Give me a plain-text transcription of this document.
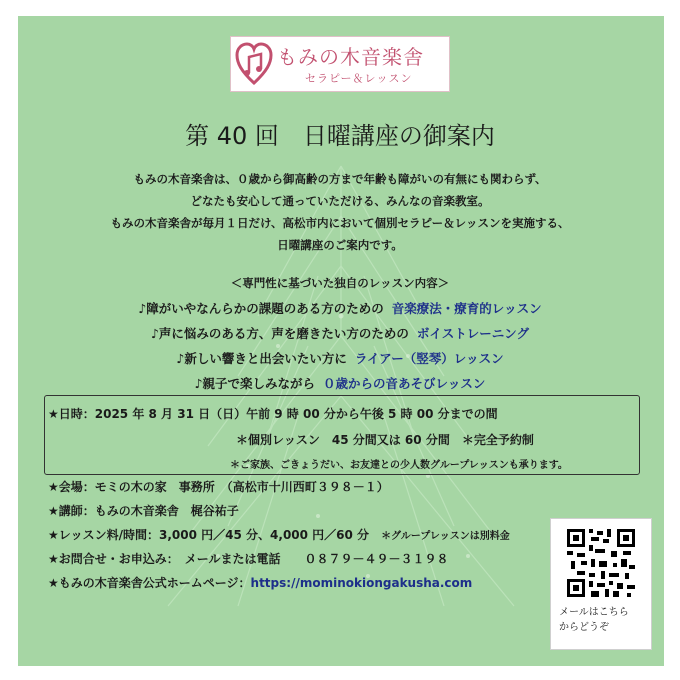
もみの木音楽舎
セラピー＆レッスン
第 40 回　日曜講座の御案内
もみの木音楽舎は、０歳から御高齢の方まで年齢も障がいの有無にも関わらず、
どなたも安心して通っていただける、みんなの音楽教室。
もみの木音楽舎が毎月１日だけ、高松市内において個別セラピー＆レッスンを実施する、
日曜講座のご案内です。
＜専門性に基づいた独自のレッスン内容＞
♪障がいやなんらかの課題のある方のための 音楽療法・療育的レッスン
♪声に悩みのある方、声を磨きたい方のための ボイストレーニング
♪新しい響きと出会いたい方に ライアー（竪琴）レッスン
♪親子で楽しみながら ０歳からの音あそびレッスン
★日時：2025 年 8 月 31 日（日）午前 9 時 00 分から午後 5 時 00 分までの間
＊個別レッスン　45 分間又は 60 分間　＊完全予約制
＊ご家族、ごきょうだい、お友達との少人数グループレッスンも承ります。
★会場：モミの木の家　事務所　（高松市十川西町３９８－１）
★講師：もみの木音楽舎　梶谷祐子
★レッスン料/時間：3,000 円／45 分、4,000 円／60 分　 ＊グループレッスンは別料金
★お問合せ・お申込み：　メールまたは電話　　０８７９－４９－３１９８
★もみの木音楽舎公式ホームページ：https://mominokiongakusha.com
メールはこちら
からどうぞ
